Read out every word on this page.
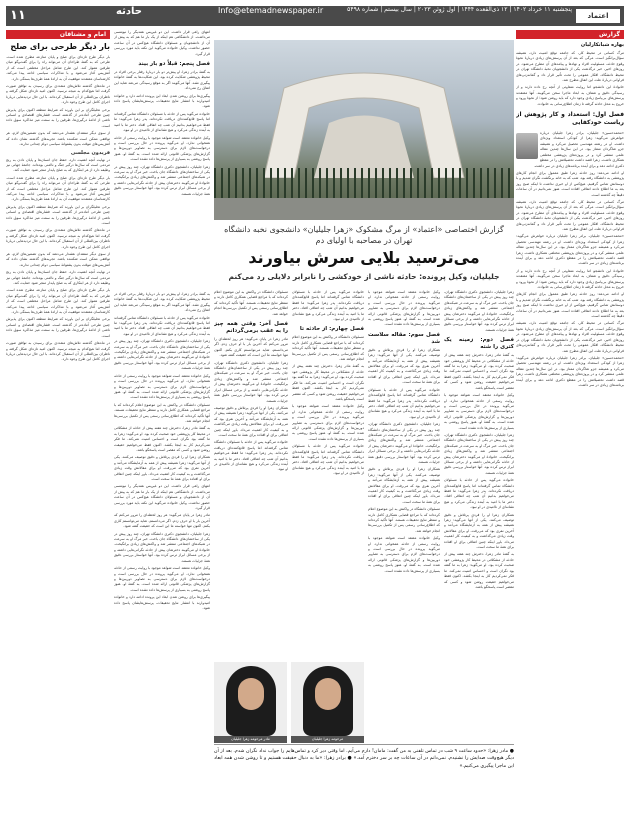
۱۱	حادثه	Info@etemadnewspaper.ir	پنجشنبه ۱۱ خرداد ۱۴۰۲ | ۱۲ ذی‌القعده ۱۴۴۴ | اول ژوئن ۲۰۲۳ | سال بیستم | شماره ۵۴۹۸
اعتماد
گزارش
بهاره شبانکارلیان

مرگ کسانی در محیط کار، که جامعه توقع امنیت دارد، همیشه سؤال‌برانگیز است. مرگی که بعد از آن پرسش‌های زیادی دربارهٔ نحوهٔ وقوع حادثه، مسئولیت افراد و نهادها و پیامدهای آن مطرح می‌شود. در روزهای اخیر، خبر درگذشت یکی از دانشجویان نخبهٔ دانشگاه تهران در محیط دانشگاه، افکار عمومی را تحت تأثیر قرار داد و گمانه‌زنی‌های فراوانی دربارهٔ علت این اتفاق مطرح شد.

خانوادهٔ این دانشجو اما روایت متفاوتی از آنچه رخ داده دارند و از رسیدگی دقیق و شفاف به ابعاد ماجرا سخن می‌گویند. آنها معتقدند پرسش‌های بی‌پاسخ زیادی وجود دارد که باید روشن شود؛ از نحوهٔ ورود و خروج به محل حادثه گرفته تا زمان اطلاع‌رسانی به خانواده.

فصل اول: استعداد و کار پژوهش از ریاست خودکفایی

«محمدحسین» جلیلیان، برادر زهرا جلیلیان درباره خواهرش می‌گوید: زهرا از کودکی استعداد ویژه‌ای داشت. او در رشته مهندسی تحصیل می‌کرد و همیشه جزو شاگردان ممتاز بود. در این سال‌ها چندین مقاله علمی منتشر کرد و در پروژه‌های پژوهشی مختلفی همکاری داشت. زهرا قصد داشت تحصیلاتش را در مقطع دکتری ادامه دهد و برای آینده برنامه‌های زیادی در سر داشت.

او ادامه می‌دهد: روز حادثه زهرا طبق معمول برای انجام کارهای پژوهشی به دانشگاه رفته بود. شب که به خانه برنگشت نگران شدیم و با دوستانش تماس گرفتیم. هیچ‌کس از او خبری نداشت تا اینکه صبح روز بعد به ما اطلاع دادند اتفاقی افتاده است. هنوز نمی‌دانیم در آن ساعات دقیقاً چه گذشته است.

مرگ کسانی در محیط کار، که جامعه توقع امنیت دارد، همیشه سؤال‌برانگیز است. مرگی که بعد از آن پرسش‌های زیادی دربارهٔ نحوهٔ وقوع حادثه، مسئولیت افراد و نهادها و پیامدهای آن مطرح می‌شود. در روزهای اخیر، خبر درگذشت یکی از دانشجویان نخبهٔ دانشگاه تهران در محیط دانشگاه، افکار عمومی را تحت تأثیر قرار داد و گمانه‌زنی‌های فراوانی دربارهٔ علت این اتفاق مطرح شد.

«محمدحسین» جلیلیان، برادر زهرا جلیلیان درباره خواهرش می‌گوید: زهرا از کودکی استعداد ویژه‌ای داشت. او در رشته مهندسی تحصیل می‌کرد و همیشه جزو شاگردان ممتاز بود. در این سال‌ها چندین مقاله علمی منتشر کرد و در پروژه‌های پژوهشی مختلفی همکاری داشت. زهرا قصد داشت تحصیلاتش را در مقطع دکتری ادامه دهد و برای آینده برنامه‌های زیادی در سر داشت.

خانوادهٔ این دانشجو اما روایت متفاوتی از آنچه رخ داده دارند و از رسیدگی دقیق و شفاف به ابعاد ماجرا سخن می‌گویند. آنها معتقدند پرسش‌های بی‌پاسخ زیادی وجود دارد که باید روشن شود؛ از نحوهٔ ورود و خروج به محل حادثه گرفته تا زمان اطلاع‌رسانی به خانواده.

او ادامه می‌دهد: روز حادثه زهرا طبق معمول برای انجام کارهای پژوهشی به دانشگاه رفته بود. شب که به خانه برنگشت نگران شدیم و با دوستانش تماس گرفتیم. هیچ‌کس از او خبری نداشت تا اینکه صبح روز بعد به ما اطلاع دادند اتفاقی افتاده است. هنوز نمی‌دانیم در آن ساعات دقیقاً چه گذشته است.

مرگ کسانی در محیط کار، که جامعه توقع امنیت دارد، همیشه سؤال‌برانگیز است. مرگی که بعد از آن پرسش‌های زیادی دربارهٔ نحوهٔ وقوع حادثه، مسئولیت افراد و نهادها و پیامدهای آن مطرح می‌شود. در روزهای اخیر، خبر درگذشت یکی از دانشجویان نخبهٔ دانشگاه تهران در محیط دانشگاه، افکار عمومی را تحت تأثیر قرار داد و گمانه‌زنی‌های فراوانی دربارهٔ علت این اتفاق مطرح شد.

«محمدحسین» جلیلیان، برادر زهرا جلیلیان درباره خواهرش می‌گوید: زهرا از کودکی استعداد ویژه‌ای داشت. او در رشته مهندسی تحصیل می‌کرد و همیشه جزو شاگردان ممتاز بود. در این سال‌ها چندین مقاله علمی منتشر کرد و در پروژه‌های پژوهشی مختلفی همکاری داشت. زهرا قصد داشت تحصیلاتش را در مقطع دکتری ادامه دهد و برای آینده برنامه‌های زیادی در سر داشت.

امام و مشتاقان
بار دیگر طرحی برای صلح

بار دیگر طرح تازه‌ای برای صلح و پایان منازعه مطرح شده است. طرحی که به گفتهٔ طراحان آن می‌تواند راه را برای گفت‌وگو میان طرفین هموار کند. این طرح شامل مراحل مختلفی است که از آتش‌بس آغاز می‌شود و با مذاکرات سیاسی ادامه پیدا می‌کند. کارشناسان معتقدند موفقیت آن به ارادهٔ همهٔ طرف‌ها بستگی دارد.

در ماه‌های گذشته تلاش‌های متعددی برای رسیدن به توافق صورت گرفت اما هیچ‌کدام به نتیجه نرسید. اکنون امید تازه‌ای شکل گرفته و ناظران بین‌المللی از آن استقبال کرده‌اند. با این حال تردیدهایی دربارهٔ اجرای کامل این طرح وجود دارد.

برخی تحلیلگران بر این باورند که شرایط منطقه اکنون برای پذیرش چنین طرحی آماده‌تر از گذشته است. فشارهای اقتصادی و انسانی ناشی از ادامهٔ درگیری‌ها، طرفین را به سمت میز مذاکره سوق داده است.

از سوی دیگر منتقدان هشدار می‌دهند که بدون تضمین‌های لازم، هر توافقی ممکن است شکننده باشد. تجربه‌های گذشته نشان داده که آتش‌بس‌های موقت بدون پشتوانهٔ سیاسی دوام چندانی ندارند.

فریدون مجلسی

در نهایت آنچه اهمیت دارد، حفظ جان انسان‌ها و پایان دادن به رنج مردمی است که سال‌ها درگیر جنگ و ناامنی بوده‌اند. جامعهٔ جهانی نیز وظیفه دارد از هر ابتکاری که به صلح پایدار منجر شود حمایت کند.

بار دیگر طرح تازه‌ای برای صلح و پایان منازعه مطرح شده است. طرحی که به گفتهٔ طراحان آن می‌تواند راه را برای گفت‌وگو میان طرفین هموار کند. این طرح شامل مراحل مختلفی است که از آتش‌بس آغاز می‌شود و با مذاکرات سیاسی ادامه پیدا می‌کند. کارشناسان معتقدند موفقیت آن به ارادهٔ همهٔ طرف‌ها بستگی دارد.

برخی تحلیلگران بر این باورند که شرایط منطقه اکنون برای پذیرش چنین طرحی آماده‌تر از گذشته است. فشارهای اقتصادی و انسانی ناشی از ادامهٔ درگیری‌ها، طرفین را به سمت میز مذاکره سوق داده است.

در ماه‌های گذشته تلاش‌های متعددی برای رسیدن به توافق صورت گرفت اما هیچ‌کدام به نتیجه نرسید. اکنون امید تازه‌ای شکل گرفته و ناظران بین‌المللی از آن استقبال کرده‌اند. با این حال تردیدهایی دربارهٔ اجرای کامل این طرح وجود دارد.

از سوی دیگر منتقدان هشدار می‌دهند که بدون تضمین‌های لازم، هر توافقی ممکن است شکننده باشد. تجربه‌های گذشته نشان داده که آتش‌بس‌های موقت بدون پشتوانهٔ سیاسی دوام چندانی ندارند.

در نهایت آنچه اهمیت دارد، حفظ جان انسان‌ها و پایان دادن به رنج مردمی است که سال‌ها درگیر جنگ و ناامنی بوده‌اند. جامعهٔ جهانی نیز وظیفه دارد از هر ابتکاری که به صلح پایدار منجر شود حمایت کند.

بار دیگر طرح تازه‌ای برای صلح و پایان منازعه مطرح شده است. طرحی که به گفتهٔ طراحان آن می‌تواند راه را برای گفت‌وگو میان طرفین هموار کند. این طرح شامل مراحل مختلفی است که از آتش‌بس آغاز می‌شود و با مذاکرات سیاسی ادامه پیدا می‌کند. کارشناسان معتقدند موفقیت آن به ارادهٔ همهٔ طرف‌ها بستگی دارد.

برخی تحلیلگران بر این باورند که شرایط منطقه اکنون برای پذیرش چنین طرحی آماده‌تر از گذشته است. فشارهای اقتصادی و انسانی ناشی از ادامهٔ درگیری‌ها، طرفین را به سمت میز مذاکره سوق داده است.

در ماه‌های گذشته تلاش‌های متعددی برای رسیدن به توافق صورت گرفت اما هیچ‌کدام به نتیجه نرسید. اکنون امید تازه‌ای شکل گرفته و ناظران بین‌المللی از آن استقبال کرده‌اند. با این حال تردیدهایی دربارهٔ اجرای کامل این طرح وجود دارد.

انتهای راهی قرار داشت. این دو غیرپس همدیگر را نیوتنسی می‌داشت. از دانشگاهی هم اینکه از یک بار ما هم که به پیش از آن از دانشجویان و مسئولان دانشگاه هیچ‌کس در آن ساعت حضور نداشت. وکیل خانواده می‌گوید این نکته باید مورد بررسی قرار گیرد.

فصل پنجم: قبلاً دو بار بیند

به گفتهٔ برادر زهرا، او پیش‌تر دو بار دربارهٔ رفتار برخی افراد در محیط پژوهشی شکایت کرده بود. این شکایت‌ها به گفتهٔ خانواده پیگیری نشد. آنها می‌گویند اگر به موقع رسیدگی می‌شد شاید این اتفاق رخ نمی‌داد.

پیگیری‌ها برای روشن شدن ابعاد این پرونده ادامه دارد و خانواده امیدوارند با انتشار نتایج تحقیقات، پرسش‌هایشان پاسخ داده شود.

خانواده می‌گوید پس از حادثه با مسئولان دانشگاه تماس گرفته‌اند اما پاسخ قانع‌کننده‌ای دریافت نکرده‌اند. پدر زهرا می‌گوید: ما فقط می‌خواهیم بدانیم آن شب چه اتفاقی افتاد. دختر ما با امید به آینده زندگی می‌کرد و هیچ نشانه‌ای از ناامیدی در او نبود.

وکیل خانواده معتقد است شواهد موجود با روایت رسمی از حادثه همخوانی ندارد. او می‌گوید پرونده در حال بررسی است و درخواست‌های لازم برای دسترسی به تصاویر دوربین‌ها و گزارش‌های پزشکی قانونی ارائه شده است. به گفتهٔ او، هنوز پاسخ روشنی به بسیاری از پرسش‌ها داده نشده است.

زهرا جلیلیان، دانشجوی دکتری دانشگاه تهران، چند روز پیش در یکی از ساختمان‌های دانشگاه جان باخت. خبر مرگ او به سرعت در شبکه‌های اجتماعی منتشر شد و واکنش‌های زیادی برانگیخت. خانوادهٔ او می‌گویند دخترشان پیش از حادثه نگرانی‌هایی داشته و از برخی مسائل ابراز ترس کرده بود. آنها خواستار بررسی دقیق همهٔ جزئیات هستند.

گزارش اختصاصی «اعتماد» از مرگ مشکوک «زهرا جلیلیان» دانشجوی نخبه دانشگاه تهران در مصاحبه با اولیای دم
می‌ترسید بلایی سرش بیاورند
جلیلیان، وکیل پرونده: حادثه ناشی از خودکشی را نابرابر دلایلی رد می‌کنم

زهرا جلیلیان، دانشجوی دکتری دانشگاه تهران، چند روز پیش در یکی از ساختمان‌های دانشگاه جان باخت. خبر مرگ او به سرعت در شبکه‌های اجتماعی منتشر شد و واکنش‌های زیادی برانگیخت. خانوادهٔ او می‌گویند دخترشان پیش از حادثه نگرانی‌هایی داشته و از برخی مسائل ابراز ترس کرده بود. آنها خواستار بررسی دقیق همهٔ جزئیات هستند.

فصل دوم: زمینه یک کتری را شته

به گفتهٔ مادر زهرا، دخترش چند هفته پیش از حادثه از مشکلاتی در محیط کار پژوهشی خود صحبت کرده بود. او می‌گوید: زهرا به ما گفته بود نگران است و احساس امنیت نمی‌کند. ما فکر نمی‌کردیم کار به اینجا بکشد. اکنون فقط می‌خواهیم حقیقت روشن شود و کسی که مقصر است پاسخگو باشد.

وکیل خانواده معتقد است شواهد موجود با روایت رسمی از حادثه همخوانی ندارد. او می‌گوید پرونده در حال بررسی است و درخواست‌های لازم برای دسترسی به تصاویر دوربین‌ها و گزارش‌های پزشکی قانونی ارائه شده است. به گفتهٔ او، هنوز پاسخ روشنی به بسیاری از پرسش‌ها داده نشده است.

زهرا جلیلیان، دانشجوی دکتری دانشگاه تهران، چند روز پیش در یکی از ساختمان‌های دانشگاه جان باخت. خبر مرگ او به سرعت در شبکه‌های اجتماعی منتشر شد و واکنش‌های زیادی برانگیخت. خانوادهٔ او می‌گویند دخترشان پیش از حادثه نگرانی‌هایی داشته و از برخی مسائل ابراز ترس کرده بود. آنها خواستار بررسی دقیق همهٔ جزئیات هستند.

خانواده می‌گوید پس از حادثه با مسئولان دانشگاه تماس گرفته‌اند اما پاسخ قانع‌کننده‌ای دریافت نکرده‌اند. پدر زهرا می‌گوید: ما فقط می‌خواهیم بدانیم آن شب چه اتفاقی افتاد. دختر ما با امید به آینده زندگی می‌کرد و هیچ نشانه‌ای از ناامیدی در او نبود.

همکاران زهرا او را فردی پرتلاش و دقیق توصیف می‌کنند. یکی از آنها می‌گوید: زهرا همیشه پیش از همه به آزمایشگاه می‌آمد و آخرین نفری بود که می‌رفت. او برای مقالاتش وقت زیادی می‌گذاشت و به کیفیت کار اهمیت می‌داد. باور اینکه چنین اتفاقی برای او افتاده برای همهٔ ما سخت است.

به گفتهٔ مادر زهرا، دخترش چند هفته پیش از حادثه از مشکلاتی در محیط کار پژوهشی خود صحبت کرده بود. او می‌گوید: زهرا به ما گفته بود نگران است و احساس امنیت نمی‌کند. ما فکر نمی‌کردیم کار به اینجا بکشد. اکنون فقط می‌خواهیم حقیقت روشن شود و کسی که مقصر است پاسخگو باشد.

وکیل خانواده معتقد است شواهد موجود با روایت رسمی از حادثه همخوانی ندارد. او می‌گوید پرونده در حال بررسی است و درخواست‌های لازم برای دسترسی به تصاویر دوربین‌ها و گزارش‌های پزشکی قانونی ارائه شده است. به گفتهٔ او، هنوز پاسخ روشنی به بسیاری از پرسش‌ها داده نشده است.

فصل سوم: مقاله سلاست شد

همکاران زهرا او را فردی پرتلاش و دقیق توصیف می‌کنند. یکی از آنها می‌گوید: زهرا همیشه پیش از همه به آزمایشگاه می‌آمد و آخرین نفری بود که می‌رفت. او برای مقالاتش وقت زیادی می‌گذاشت و به کیفیت کار اهمیت می‌داد. باور اینکه چنین اتفاقی برای او افتاده برای همهٔ ما سخت است.

خانواده می‌گوید پس از حادثه با مسئولان دانشگاه تماس گرفته‌اند اما پاسخ قانع‌کننده‌ای دریافت نکرده‌اند. پدر زهرا می‌گوید: ما فقط می‌خواهیم بدانیم آن شب چه اتفاقی افتاد. دختر ما با امید به آینده زندگی می‌کرد و هیچ نشانه‌ای از ناامیدی در او نبود.

زهرا جلیلیان، دانشجوی دکتری دانشگاه تهران، چند روز پیش در یکی از ساختمان‌های دانشگاه جان باخت. خبر مرگ او به سرعت در شبکه‌های اجتماعی منتشر شد و واکنش‌های زیادی برانگیخت. خانوادهٔ او می‌گویند دخترشان پیش از حادثه نگرانی‌هایی داشته و از برخی مسائل ابراز ترس کرده بود. آنها خواستار بررسی دقیق همهٔ جزئیات هستند.

همکاران زهرا او را فردی پرتلاش و دقیق توصیف می‌کنند. یکی از آنها می‌گوید: زهرا همیشه پیش از همه به آزمایشگاه می‌آمد و آخرین نفری بود که می‌رفت. او برای مقالاتش وقت زیادی می‌گذاشت و به کیفیت کار اهمیت می‌داد. باور اینکه چنین اتفاقی برای او افتاده برای همهٔ ما سخت است.

مسئولان دانشگاه در واکنش به این موضوع اعلام کرده‌اند که با مراجع قضایی همکاری کامل دارند و منتظر نتایج تحقیقات هستند. آنها تأکید کرده‌اند که اطلاع‌رسانی رسمی پس از تکمیل بررسی‌ها انجام خواهد شد.

وکیل خانواده معتقد است شواهد موجود با روایت رسمی از حادثه همخوانی ندارد. او می‌گوید پرونده در حال بررسی است و درخواست‌های لازم برای دسترسی به تصاویر دوربین‌ها و گزارش‌های پزشکی قانونی ارائه شده است. به گفتهٔ او، هنوز پاسخ روشنی به بسیاری از پرسش‌ها داده نشده است.

خانواده می‌گوید پس از حادثه با مسئولان دانشگاه تماس گرفته‌اند اما پاسخ قانع‌کننده‌ای دریافت نکرده‌اند. پدر زهرا می‌گوید: ما فقط می‌خواهیم بدانیم آن شب چه اتفاقی افتاد. دختر ما با امید به آینده زندگی می‌کرد و هیچ نشانه‌ای از ناامیدی در او نبود.

فصل چهارم: از حادثه تا

مسئولان دانشگاه در واکنش به این موضوع اعلام کرده‌اند که با مراجع قضایی همکاری کامل دارند و منتظر نتایج تحقیقات هستند. آنها تأکید کرده‌اند که اطلاع‌رسانی رسمی پس از تکمیل بررسی‌ها انجام خواهد شد.

به گفتهٔ مادر زهرا، دخترش چند هفته پیش از حادثه از مشکلاتی در محیط کار پژوهشی خود صحبت کرده بود. او می‌گوید: زهرا به ما گفته بود نگران است و احساس امنیت نمی‌کند. ما فکر نمی‌کردیم کار به اینجا بکشد. اکنون فقط می‌خواهیم حقیقت روشن شود و کسی که مقصر است پاسخگو باشد.

وکیل خانواده معتقد است شواهد موجود با روایت رسمی از حادثه همخوانی ندارد. او می‌گوید پرونده در حال بررسی است و درخواست‌های لازم برای دسترسی به تصاویر دوربین‌ها و گزارش‌های پزشکی قانونی ارائه شده است. به گفتهٔ او، هنوز پاسخ روشنی به بسیاری از پرسش‌ها داده نشده است.

خانواده می‌گوید پس از حادثه با مسئولان دانشگاه تماس گرفته‌اند اما پاسخ قانع‌کننده‌ای دریافت نکرده‌اند. پدر زهرا می‌گوید: ما فقط می‌خواهیم بدانیم آن شب چه اتفاقی افتاد. دختر ما با امید به آینده زندگی می‌کرد و هیچ نشانه‌ای از ناامیدی در او نبود.

مسئولان دانشگاه در واکنش به این موضوع اعلام کرده‌اند که با مراجع قضایی همکاری کامل دارند و منتظر نتایج تحقیقات هستند. آنها تأکید کرده‌اند که اطلاع‌رسانی رسمی پس از تکمیل بررسی‌ها انجام خواهد شد.

فصل آخر: وقتی همه چیز را به عقب برمی‌گردانم

مادر زهرا در پایان می‌گوید: هر روز لحظه‌ای را مرور می‌کنم که آخرین بار با او حرف زدم. اگر می‌دانستم، شاید می‌توانستم کاری بکنم. اکنون تنها خواسته ما این است که حقیقت گفته شود.

زهرا جلیلیان، دانشجوی دکتری دانشگاه تهران، چند روز پیش در یکی از ساختمان‌های دانشگاه جان باخت. خبر مرگ او به سرعت در شبکه‌های اجتماعی منتشر شد و واکنش‌های زیادی برانگیخت. خانوادهٔ او می‌گویند دخترشان پیش از حادثه نگرانی‌هایی داشته و از برخی مسائل ابراز ترس کرده بود. آنها خواستار بررسی دقیق همهٔ جزئیات هستند.

همکاران زهرا او را فردی پرتلاش و دقیق توصیف می‌کنند. یکی از آنها می‌گوید: زهرا همیشه پیش از همه به آزمایشگاه می‌آمد و آخرین نفری بود که می‌رفت. او برای مقالاتش وقت زیادی می‌گذاشت و به کیفیت کار اهمیت می‌داد. باور اینکه چنین اتفاقی برای او افتاده برای همهٔ ما سخت است.

خانواده می‌گوید پس از حادثه با مسئولان دانشگاه تماس گرفته‌اند اما پاسخ قانع‌کننده‌ای دریافت نکرده‌اند. پدر زهرا می‌گوید: ما فقط می‌خواهیم بدانیم آن شب چه اتفاقی افتاد. دختر ما با امید به آینده زندگی می‌کرد و هیچ نشانه‌ای از ناامیدی در او نبود.

به گفتهٔ برادر زهرا، او پیش‌تر دو بار دربارهٔ رفتار برخی افراد در محیط پژوهشی شکایت کرده بود. این شکایت‌ها به گفتهٔ خانواده پیگیری نشد. آنها می‌گویند اگر به موقع رسیدگی می‌شد شاید این اتفاق رخ نمی‌داد.

خانواده می‌گوید پس از حادثه با مسئولان دانشگاه تماس گرفته‌اند اما پاسخ قانع‌کننده‌ای دریافت نکرده‌اند. پدر زهرا می‌گوید: ما فقط می‌خواهیم بدانیم آن شب چه اتفاقی افتاد. دختر ما با امید به آینده زندگی می‌کرد و هیچ نشانه‌ای از ناامیدی در او نبود.

زهرا جلیلیان، دانشجوی دکتری دانشگاه تهران، چند روز پیش در یکی از ساختمان‌های دانشگاه جان باخت. خبر مرگ او به سرعت در شبکه‌های اجتماعی منتشر شد و واکنش‌های زیادی برانگیخت. خانوادهٔ او می‌گویند دخترشان پیش از حادثه نگرانی‌هایی داشته و از برخی مسائل ابراز ترس کرده بود. آنها خواستار بررسی دقیق همهٔ جزئیات هستند.

وکیل خانواده معتقد است شواهد موجود با روایت رسمی از حادثه همخوانی ندارد. او می‌گوید پرونده در حال بررسی است و درخواست‌های لازم برای دسترسی به تصاویر دوربین‌ها و گزارش‌های پزشکی قانونی ارائه شده است. به گفتهٔ او، هنوز پاسخ روشنی به بسیاری از پرسش‌ها داده نشده است.

مسئولان دانشگاه در واکنش به این موضوع اعلام کرده‌اند که با مراجع قضایی همکاری کامل دارند و منتظر نتایج تحقیقات هستند. آنها تأکید کرده‌اند که اطلاع‌رسانی رسمی پس از تکمیل بررسی‌ها انجام خواهد شد.

به گفتهٔ مادر زهرا، دخترش چند هفته پیش از حادثه از مشکلاتی در محیط کار پژوهشی خود صحبت کرده بود. او می‌گوید: زهرا به ما گفته بود نگران است و احساس امنیت نمی‌کند. ما فکر نمی‌کردیم کار به اینجا بکشد. اکنون فقط می‌خواهیم حقیقت روشن شود و کسی که مقصر است پاسخگو باشد.

همکاران زهرا او را فردی پرتلاش و دقیق توصیف می‌کنند. یکی از آنها می‌گوید: زهرا همیشه پیش از همه به آزمایشگاه می‌آمد و آخرین نفری بود که می‌رفت. او برای مقالاتش وقت زیادی می‌گذاشت و به کیفیت کار اهمیت می‌داد. باور اینکه چنین اتفاقی برای او افتاده برای همهٔ ما سخت است.

انتهای راهی قرار داشت. این دو غیرپس همدیگر را نیوتنسی می‌داشت. از دانشگاهی هم اینکه از یک بار ما هم که به پیش از آن از دانشجویان و مسئولان دانشگاه هیچ‌کس در آن ساعت حضور نداشت. وکیل خانواده می‌گوید این نکته باید مورد بررسی قرار گیرد.

مادر زهرا در پایان می‌گوید: هر روز لحظه‌ای را مرور می‌کنم که آخرین بار با او حرف زدم. اگر می‌دانستم، شاید می‌توانستم کاری بکنم. اکنون تنها خواسته ما این است که حقیقت گفته شود.

زهرا جلیلیان، دانشجوی دکتری دانشگاه تهران، چند روز پیش در یکی از ساختمان‌های دانشگاه جان باخت. خبر مرگ او به سرعت در شبکه‌های اجتماعی منتشر شد و واکنش‌های زیادی برانگیخت. خانوادهٔ او می‌گویند دخترشان پیش از حادثه نگرانی‌هایی داشته و از برخی مسائل ابراز ترس کرده بود. آنها خواستار بررسی دقیق همهٔ جزئیات هستند.

وکیل خانواده معتقد است شواهد موجود با روایت رسمی از حادثه همخوانی ندارد. او می‌گوید پرونده در حال بررسی است و درخواست‌های لازم برای دسترسی به تصاویر دوربین‌ها و گزارش‌های پزشکی قانونی ارائه شده است. به گفتهٔ او، هنوز پاسخ روشنی به بسیاری از پرسش‌ها داده نشده است.

پیگیری‌ها برای روشن شدن ابعاد این پرونده ادامه دارد و خانواده امیدوارند با انتشار نتایج تحقیقات، پرسش‌هایشان پاسخ داده شود.

مرحومه زهرا جلیلیان
مادر مرحومه زهرا جلیلیان
● مادر زهرا: «حدود ساعت ۹ شب در تماس تلفنی به من گفت: مامان! دارم می‌آیم. اما وقتی دیر کرد و تماس‌هایم را جواب نداد نگران شدم. بعد از آن دیگر هیچ‌وقت صدایش را نشنیدم. نمی‌دانم در آن ساعات چه بر سر دخترم آمد.» ● برادر زهرا: «ما به دنبال حقیقت هستیم و تا روشن شدن همه ابعاد این ماجرا پیگیری می‌کنیم.»
